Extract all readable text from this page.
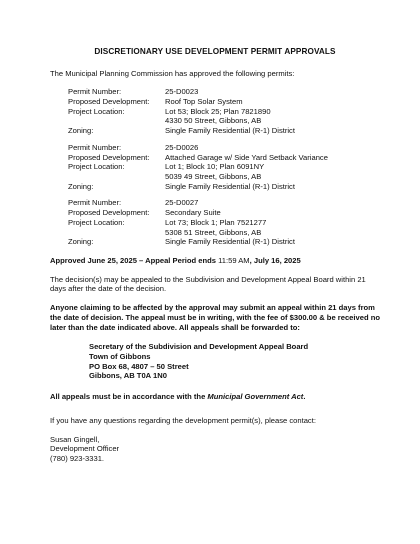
DISCRETIONARY USE DEVELOPMENT PERMIT APPROVALS

The Municipal Planning Commission has approved the following permits:

Permit Number:	25-D0023
Proposed Development:	Roof Top Solar System
Project Location:	Lot 53; Block 25; Plan 7821890
4330 50 Street, Gibbons, AB
Zoning:	Single Family Residential (R-1) District
Permit Number:	25-D0026
Proposed Development:	Attached Garage w/ Side Yard Setback Variance
Project Location:	Lot 1; Block 10; Plan 6091NY
5039 49 Street, Gibbons, AB
Zoning:	Single Family Residential (R-1) District
Permit Number:	25-D0027
Proposed Development:	Secondary Suite
Project Location:	Lot 73; Block 1; Plan 7521277
5308 51 Street, Gibbons, AB
Zoning:	Single Family Residential (R-1) District

Approved June 25, 2025 – Appeal Period ends 11:59 AM, July 16, 2025

The decision(s) may be appealed to the Subdivision and Development Appeal Board within 21 days after the date of the decision.

Anyone claiming to be affected by the approval may submit an appeal within 21 days from the date of decision. The appeal must be in writing, with the fee of $300.00 & be received no later than the date indicated above. All appeals shall be forwarded to:

Secretary of the Subdivision and Development Appeal Board
Town of Gibbons
PO Box 68, 4807 – 50 Street
Gibbons, AB T0A 1N0

All appeals must be in accordance with the Municipal Government Act.

If you have any questions regarding the development permit(s), please contact:

Susan Gingell,
Development Officer
(780) 923-3331.
